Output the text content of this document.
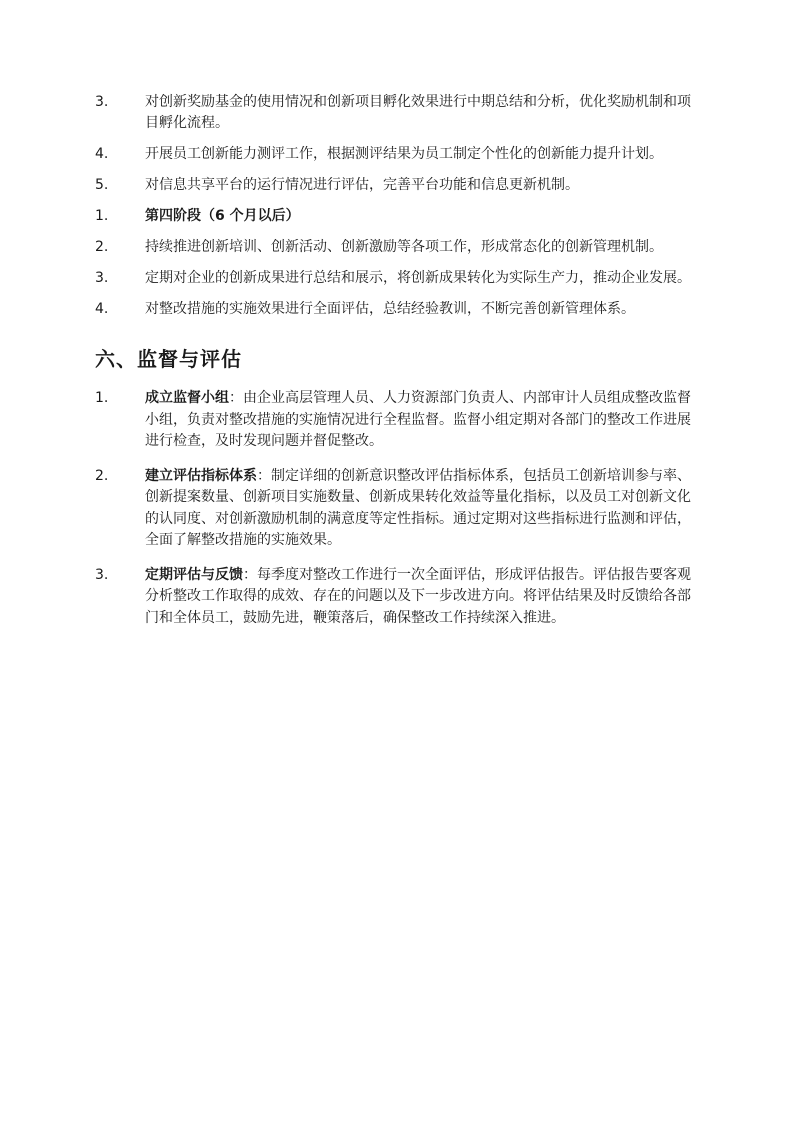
3.	对创新奖励基金的使用情况和创新项目孵化效果进行中期总结和分析，优化奖励机制和项目孵化流程。
4.	开展员工创新能力测评工作，根据测评结果为员工制定个性化的创新能力提升计划。
5.	对信息共享平台的运行情况进行评估，完善平台功能和信息更新机制。
1.	第四阶段（6 个月以后）
2.	持续推进创新培训、创新活动、创新激励等各项工作，形成常态化的创新管理机制。
3.	定期对企业的创新成果进行总结和展示，将创新成果转化为实际生产力，推动企业发展。
4.	对整改措施的实施效果进行全面评估，总结经验教训，不断完善创新管理体系。
六、监督与评估
1.	成立监督小组：由企业高层管理人员、人力资源部门负责人、内部审计人员组成整改监督小组，负责对整改措施的实施情况进行全程监督。监督小组定期对各部门的整改工作进展进行检查，及时发现问题并督促整改。
2.	建立评估指标体系：制定详细的创新意识整改评估指标体系，包括员工创新培训参与率、创新提案数量、创新项目实施数量、创新成果转化效益等量化指标，以及员工对创新文化的认同度、对创新激励机制的满意度等定性指标。通过定期对这些指标进行监测和评估，全面了解整改措施的实施效果。
3.	定期评估与反馈：每季度对整改工作进行一次全面评估，形成评估报告。评估报告要客观分析整改工作取得的成效、存在的问题以及下一步改进方向。将评估结果及时反馈给各部门和全体员工，鼓励先进，鞭策落后，确保整改工作持续深入推进。
